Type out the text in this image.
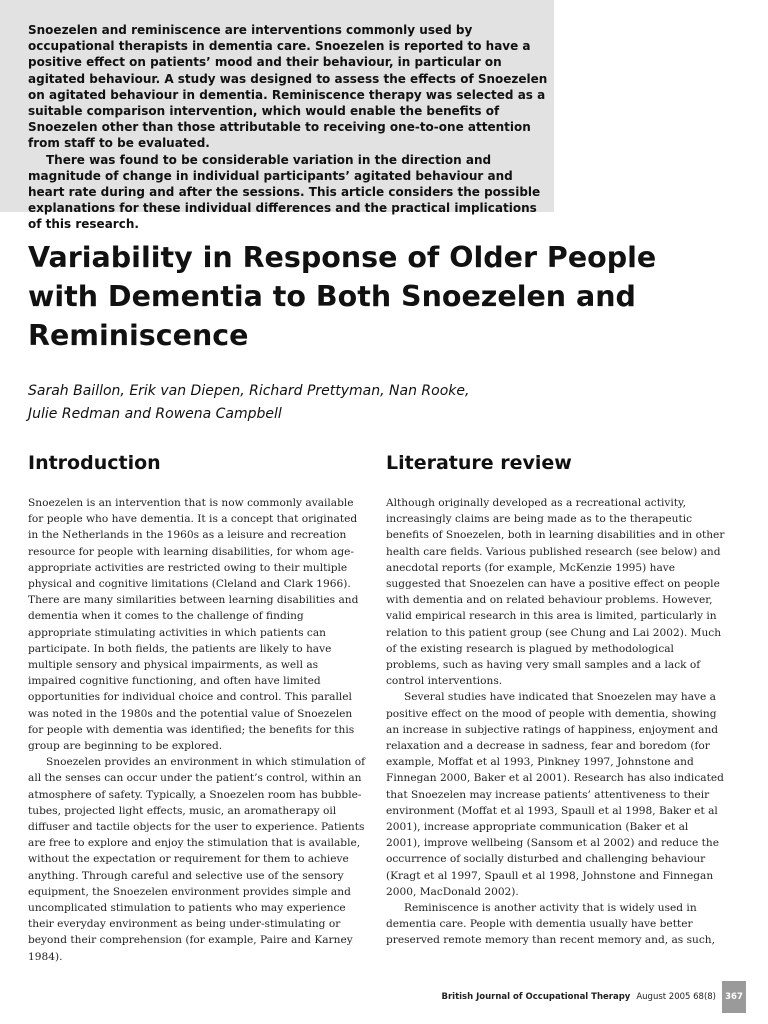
Snoezelen and reminiscence are interventions commonly used by occupational therapists in dementia care. Snoezelen is reported to have a positive effect on patients’ mood and their behaviour, in particular on agitated behaviour. A study was designed to assess the effects of Snoezelen on agitated behaviour in dementia. Reminiscence therapy was selected as a suitable comparison intervention, which would enable the benefits of Snoezelen other than those attributable to receiving one-to-one attention from staff to be evaluated.

There was found to be considerable variation in the direction and magnitude of change in individual participants’ agitated behaviour and heart rate during and after the sessions. This article considers the possible explanations for these individual differences and the practical implications of this research.

Variability in Response of Older People with Dementia to Both Snoezelen and Reminiscence
Sarah Baillon, Erik van Diepen, Richard Prettyman, Nan Rooke,
Julie Redman and Rowena Campbell
Introduction

Snoezelen is an intervention that is now commonly available for people who have dementia. It is a concept that originated in the Netherlands in the 1960s as a leisure and recreation resource for people with learning disabilities, for whom age-appropriate activities are restricted owing to their multiple physical and cognitive limitations (Cleland and Clark 1966). There are many similarities between learning disabilities and dementia when it comes to the challenge of finding appropriate stimulating activities in which patients can participate. In both fields, the patients are likely to have multiple sensory and physical impairments, as well as impaired cognitive functioning, and often have limited opportunities for individual choice and control. This parallel was noted in the 1980s and the potential value of Snoezelen for people with dementia was identified; the benefits for this group are beginning to be explored.

Snoezelen provides an environment in which stimulation of all the senses can occur under the patient’s control, within an atmosphere of safety. Typically, a Snoezelen room has bubble-tubes, projected light effects, music, an aromatherapy oil diffuser and tactile objects for the user to experience. Patients are free to explore and enjoy the stimulation that is available, without the expectation or requirement for them to achieve anything. Through careful and selective use of the sensory equipment, the Snoezelen environment provides simple and uncomplicated stimulation to patients who may experience their everyday environment as being under-stimulating or beyond their comprehension (for example, Paire and Karney 1984).

Literature review

Although originally developed as a recreational activity, increasingly claims are being made as to the therapeutic benefits of Snoezelen, both in learning disabilities and in other health care fields. Various published research (see below) and anecdotal reports (for example, McKenzie 1995) have suggested that Snoezelen can have a positive effect on people with dementia and on related behaviour problems. However, valid empirical research in this area is limited, particularly in relation to this patient group (see Chung and Lai 2002). Much of the existing research is plagued by methodological problems, such as having very small samples and a lack of control interventions.

Several studies have indicated that Snoezelen may have a positive effect on the mood of people with dementia, showing an increase in subjective ratings of happiness, enjoyment and relaxation and a decrease in sadness, fear and boredom (for example, Moffat et al 1993, Pinkney 1997, Johnstone and Finnegan 2000, Baker et al 2001). Research has also indicated that Snoezelen may increase patients’ attentiveness to their environment (Moffat et al 1993, Spaull et al 1998, Baker et al 2001), increase appropriate communication (Baker et al 2001), improve wellbeing (Sansom et al 2002) and reduce the occurrence of socially disturbed and challenging behaviour (Kragt et al 1997, Spaull et al 1998, Johnstone and Finnegan 2000, MacDonald 2002).

Reminiscence is another activity that is widely used in dementia care. People with dementia usually have better preserved remote memory than recent memory and, as such,

British Journal of Occupational Therapy August 2005 68(8)	367
